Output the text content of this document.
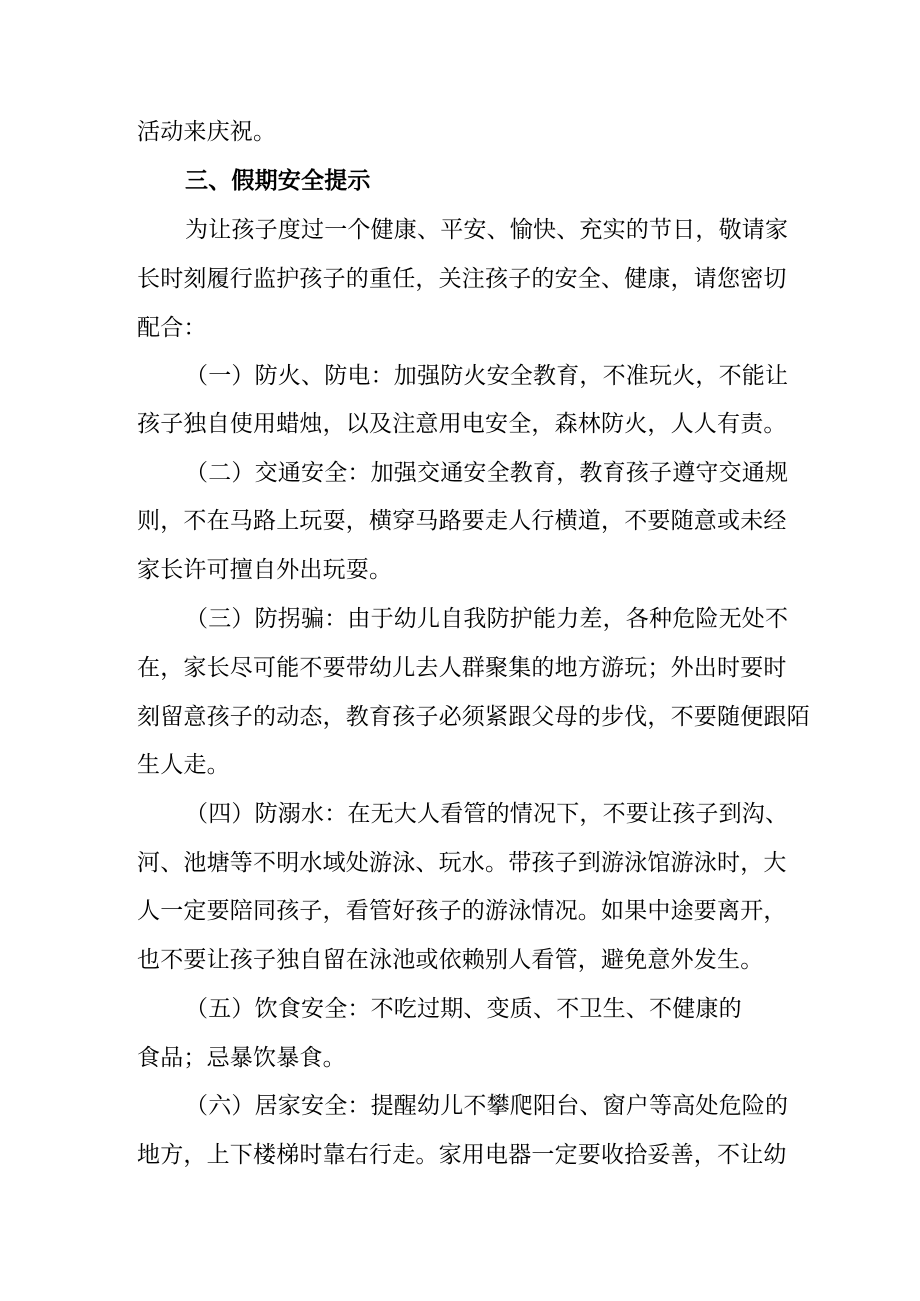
活动来庆祝。
三、假期安全提示
为让孩子度过一个健康、平安、愉快、充实的节日，敬请家
长时刻履行监护孩子的重任，关注孩子的安全、健康，请您密切
配合：
（一）防火、防电：加强防火安全教育，不准玩火，不能让
孩子独自使用蜡烛，以及注意用电安全，森林防火，人人有责。
（二）交通安全：加强交通安全教育，教育孩子遵守交通规
则，不在马路上玩耍，横穿马路要走人行横道，不要随意或未经
家长许可擅自外出玩耍。
（三）防拐骗：由于幼儿自我防护能力差，各种危险无处不
在，家长尽可能不要带幼儿去人群聚集的地方游玩；外出时要时
刻留意孩子的动态，教育孩子必须紧跟父母的步伐，不要随便跟陌
生人走。
（四）防溺水：在无大人看管的情况下，不要让孩子到沟、
河、池塘等不明水域处游泳、玩水。带孩子到游泳馆游泳时，大
人一定要陪同孩子，看管好孩子的游泳情况。如果中途要离开，
也不要让孩子独自留在泳池或依赖别人看管，避免意外发生。
（五）饮食安全：不吃过期、变质、不卫生、不健康的
食品；忌暴饮暴食。
（六）居家安全：提醒幼儿不攀爬阳台、窗户等高处危险的
地方，上下楼梯时靠右行走。家用电器一定要收拾妥善，不让幼
